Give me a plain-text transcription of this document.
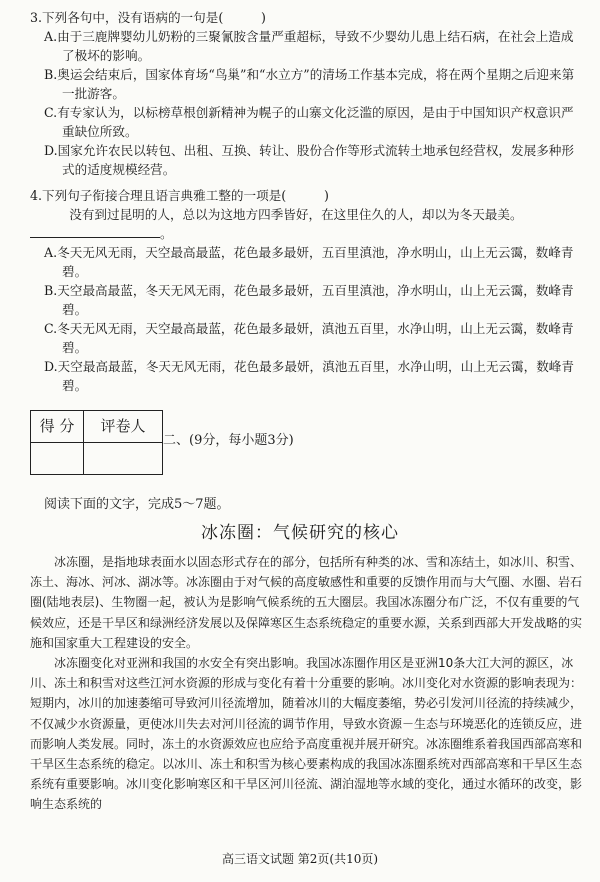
3.下列各句中，没有语病的一句是(　　　)

A.由于三鹿牌婴幼儿奶粉的三聚氰胺含量严重超标，导致不少婴幼儿患上结石病，在社会上造成了极坏的影响。
B.奥运会结束后，国家体育场“鸟巢”和“水立方”的清场工作基本完成，将在两个星期之后迎来第一批游客。
C.有专家认为，以标榜草根创新精神为幌子的山寨文化泛滥的原因，是由于中国知识产权意识严重缺位所致。
D.国家允许农民以转包、出租、互换、转让、股份合作等形式流转土地承包经营权，发展多种形式的适度规模经营。

4.下列句子衔接合理且语言典雅工整的一项是(　　　)

没有到过昆明的人，总以为这地方四季皆好，在这里住久的人，却以为冬天最美。

。

A.冬天无风无雨，天空最高最蓝，花色最多最妍，五百里滇池，净水明山，山上无云霭，数峰青碧。
B.天空最高最蓝，冬天无风无雨，花色最多最妍，五百里滇池，净水明山，山上无云霭，数峰青碧。
C.冬天无风无雨，天空最高最蓝，花色最多最妍，滇池五百里，水净山明，山上无云霭，数峰青碧。
D.天空最高最蓝，冬天无风无雨，花色最多最妍，滇池五百里，水净山明，山上无云霭，数峰青碧。
得 分	评卷人

二、(9分，每小题3分)
阅读下面的文字，完成5～7题。
冰冻圈：气候研究的核心

冰冻圈，是指地球表面水以固态形式存在的部分，包括所有种类的冰、雪和冻结土，如冰川、积雪、冻土、海冰、河冰、湖冰等。冰冻圈由于对气候的高度敏感性和重要的反馈作用而与大气圈、水圈、岩石圈(陆地表层)、生物圈一起，被认为是影响气候系统的五大圈层。我国冰冻圈分布广泛，不仅有重要的气候效应，还是干旱区和绿洲经济发展以及保障寒区生态系统稳定的重要水源，关系到西部大开发战略的实施和国家重大工程建设的安全。

冰冻圈变化对亚洲和我国的水安全有突出影响。我国冰冻圈作用区是亚洲10条大江大河的源区，冰川、冻土和积雪对这些江河水资源的形成与变化有着十分重要的影响。冰川变化对水资源的影响表现为：短期内，冰川的加速萎缩可导致河川径流增加，随着冰川的大幅度萎缩，势必引发河川径流的持续减少，不仅减少水资源量，更使冰川失去对河川径流的调节作用，导致水资源－生态与环境恶化的连锁反应，进而影响人类发展。同时，冻土的水资源效应也应给予高度重视并展开研究。冰冻圈维系着我国西部高寒和干旱区生态系统的稳定。以冰川、冻土和积雪为核心要素构成的我国冰冻圈系统对西部高寒和干旱区生态系统有重要影响。冰川变化影响寒区和干旱区河川径流、湖泊湿地等水域的变化，通过水循环的改变，影响生态系统的

高三语文试题 第2页(共10页)
